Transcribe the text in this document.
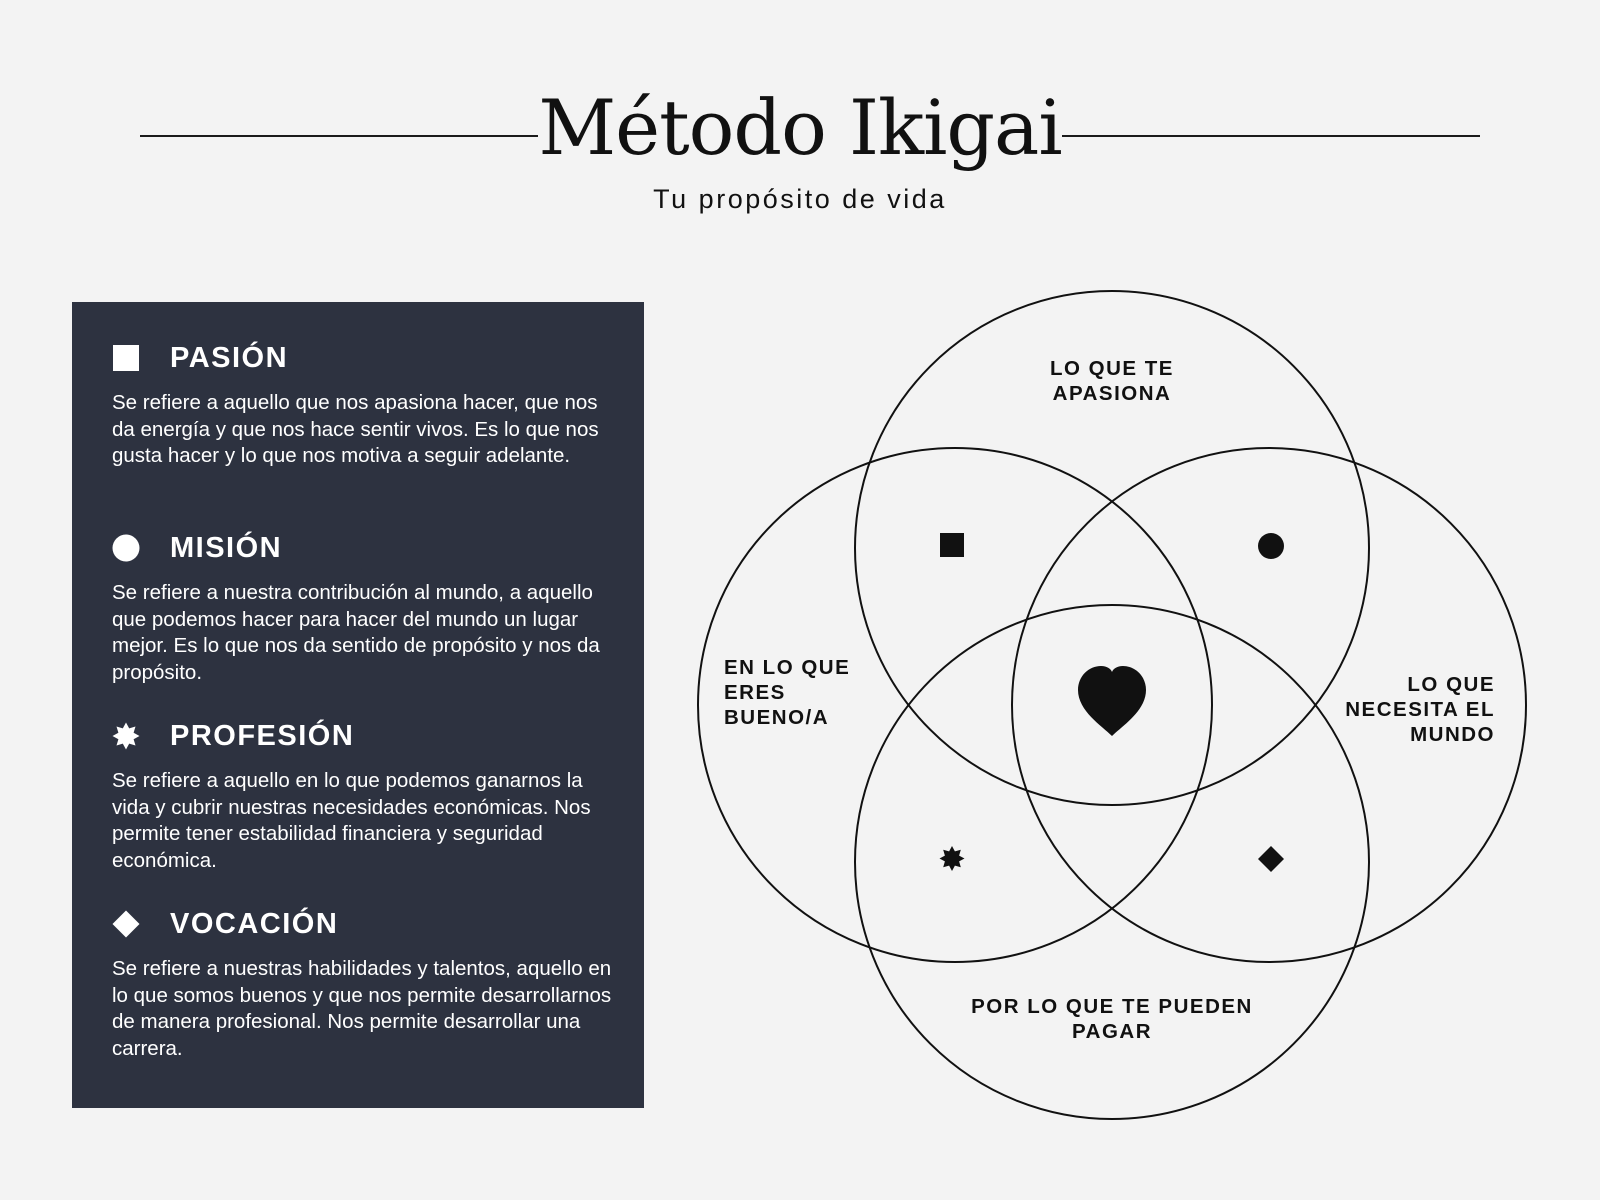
Método Ikigai
Tu propósito de vida
PASIÓN
Se refiere a aquello que nos apasiona hacer, que nos da energía y que nos hace sentir vivos. Es lo que nos gusta hacer y lo que nos motiva a seguir adelante.
MISIÓN
Se refiere a nuestra contribución al mundo, a aquello que podemos hacer para hacer del mundo un lugar mejor. Es lo que nos da sentido de propósito y nos da propósito.
PROFESIÓN
Se refiere a aquello en lo que podemos ganarnos la vida y cubrir nuestras necesidades económicas. Nos permite tener estabilidad financiera y seguridad económica.
VOCACIÓN
Se refiere a nuestras habilidades y talentos, aquello en lo que somos buenos y que nos permite desarrollarnos de manera profesional. Nos permite desarrollar una carrera.
LO QUE TE APASIONA
EN LO QUE ERES BUENO/A
LO QUE NECESITA EL MUNDO
POR LO QUE TE PUEDEN PAGAR
